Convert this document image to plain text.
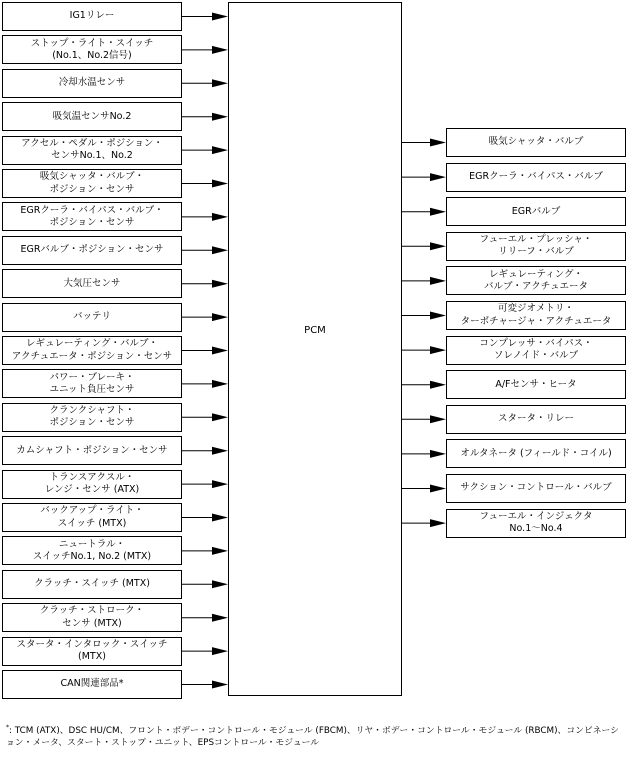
PCM
IG1リレー
ストップ・ライト・スイッチ
(No.1、No.2信号)
冷却水温センサ
吸気温センサNo.2
アクセル・ペダル・ポジション・
センサNo.1、No.2
吸気シャッタ・バルブ・
ポジション・センサ
EGRクーラ・バイパス・バルブ・
ポジション・センサ
EGRバルブ・ポジション・センサ
大気圧センサ
バッテリ
レギュレーティング・バルブ・
アクチュエータ・ポジション・センサ
パワー・ブレーキ・
ユニット負圧センサ
クランクシャフト・
ポジション・センサ
カムシャフト・ポジション・センサ
トランスアクスル・
レンジ・センサ (ATX)
バックアップ・ライト・
スイッチ (MTX)
ニュートラル・
スイッチNo.1, No.2 (MTX)
クラッチ・スイッチ (MTX)
クラッチ・ストローク・
センサ (MTX)
スタータ・インタロック・スイッチ
(MTX)
CAN関連部品*
吸気シャッタ・バルブ
EGRクーラ・バイパス・バルブ
EGRバルブ
フューエル・プレッシャ・
リリーフ・バルブ
レギュレーティング・
バルブ・アクチュエータ
可変ジオメトリ・
ターボチャージャ・アクチュエータ
コンプレッサ・バイパス・
ソレノイド・バルブ
A/Fセンサ・ヒータ
スタータ・リレー
オルタネータ (フィールド・コイル)
サクション・コントロール・バルブ
フューエル・インジェクタ
No.1～No.4
*: TCM (ATX)、DSC HU/CM、フロント・ボデー・コントロール・モジュール (FBCM)、リヤ・ボデー・コントロール・モジュール (RBCM)、コンビネーション・メータ、スタート・ストップ・ユニット、EPSコントロール・モジュール
